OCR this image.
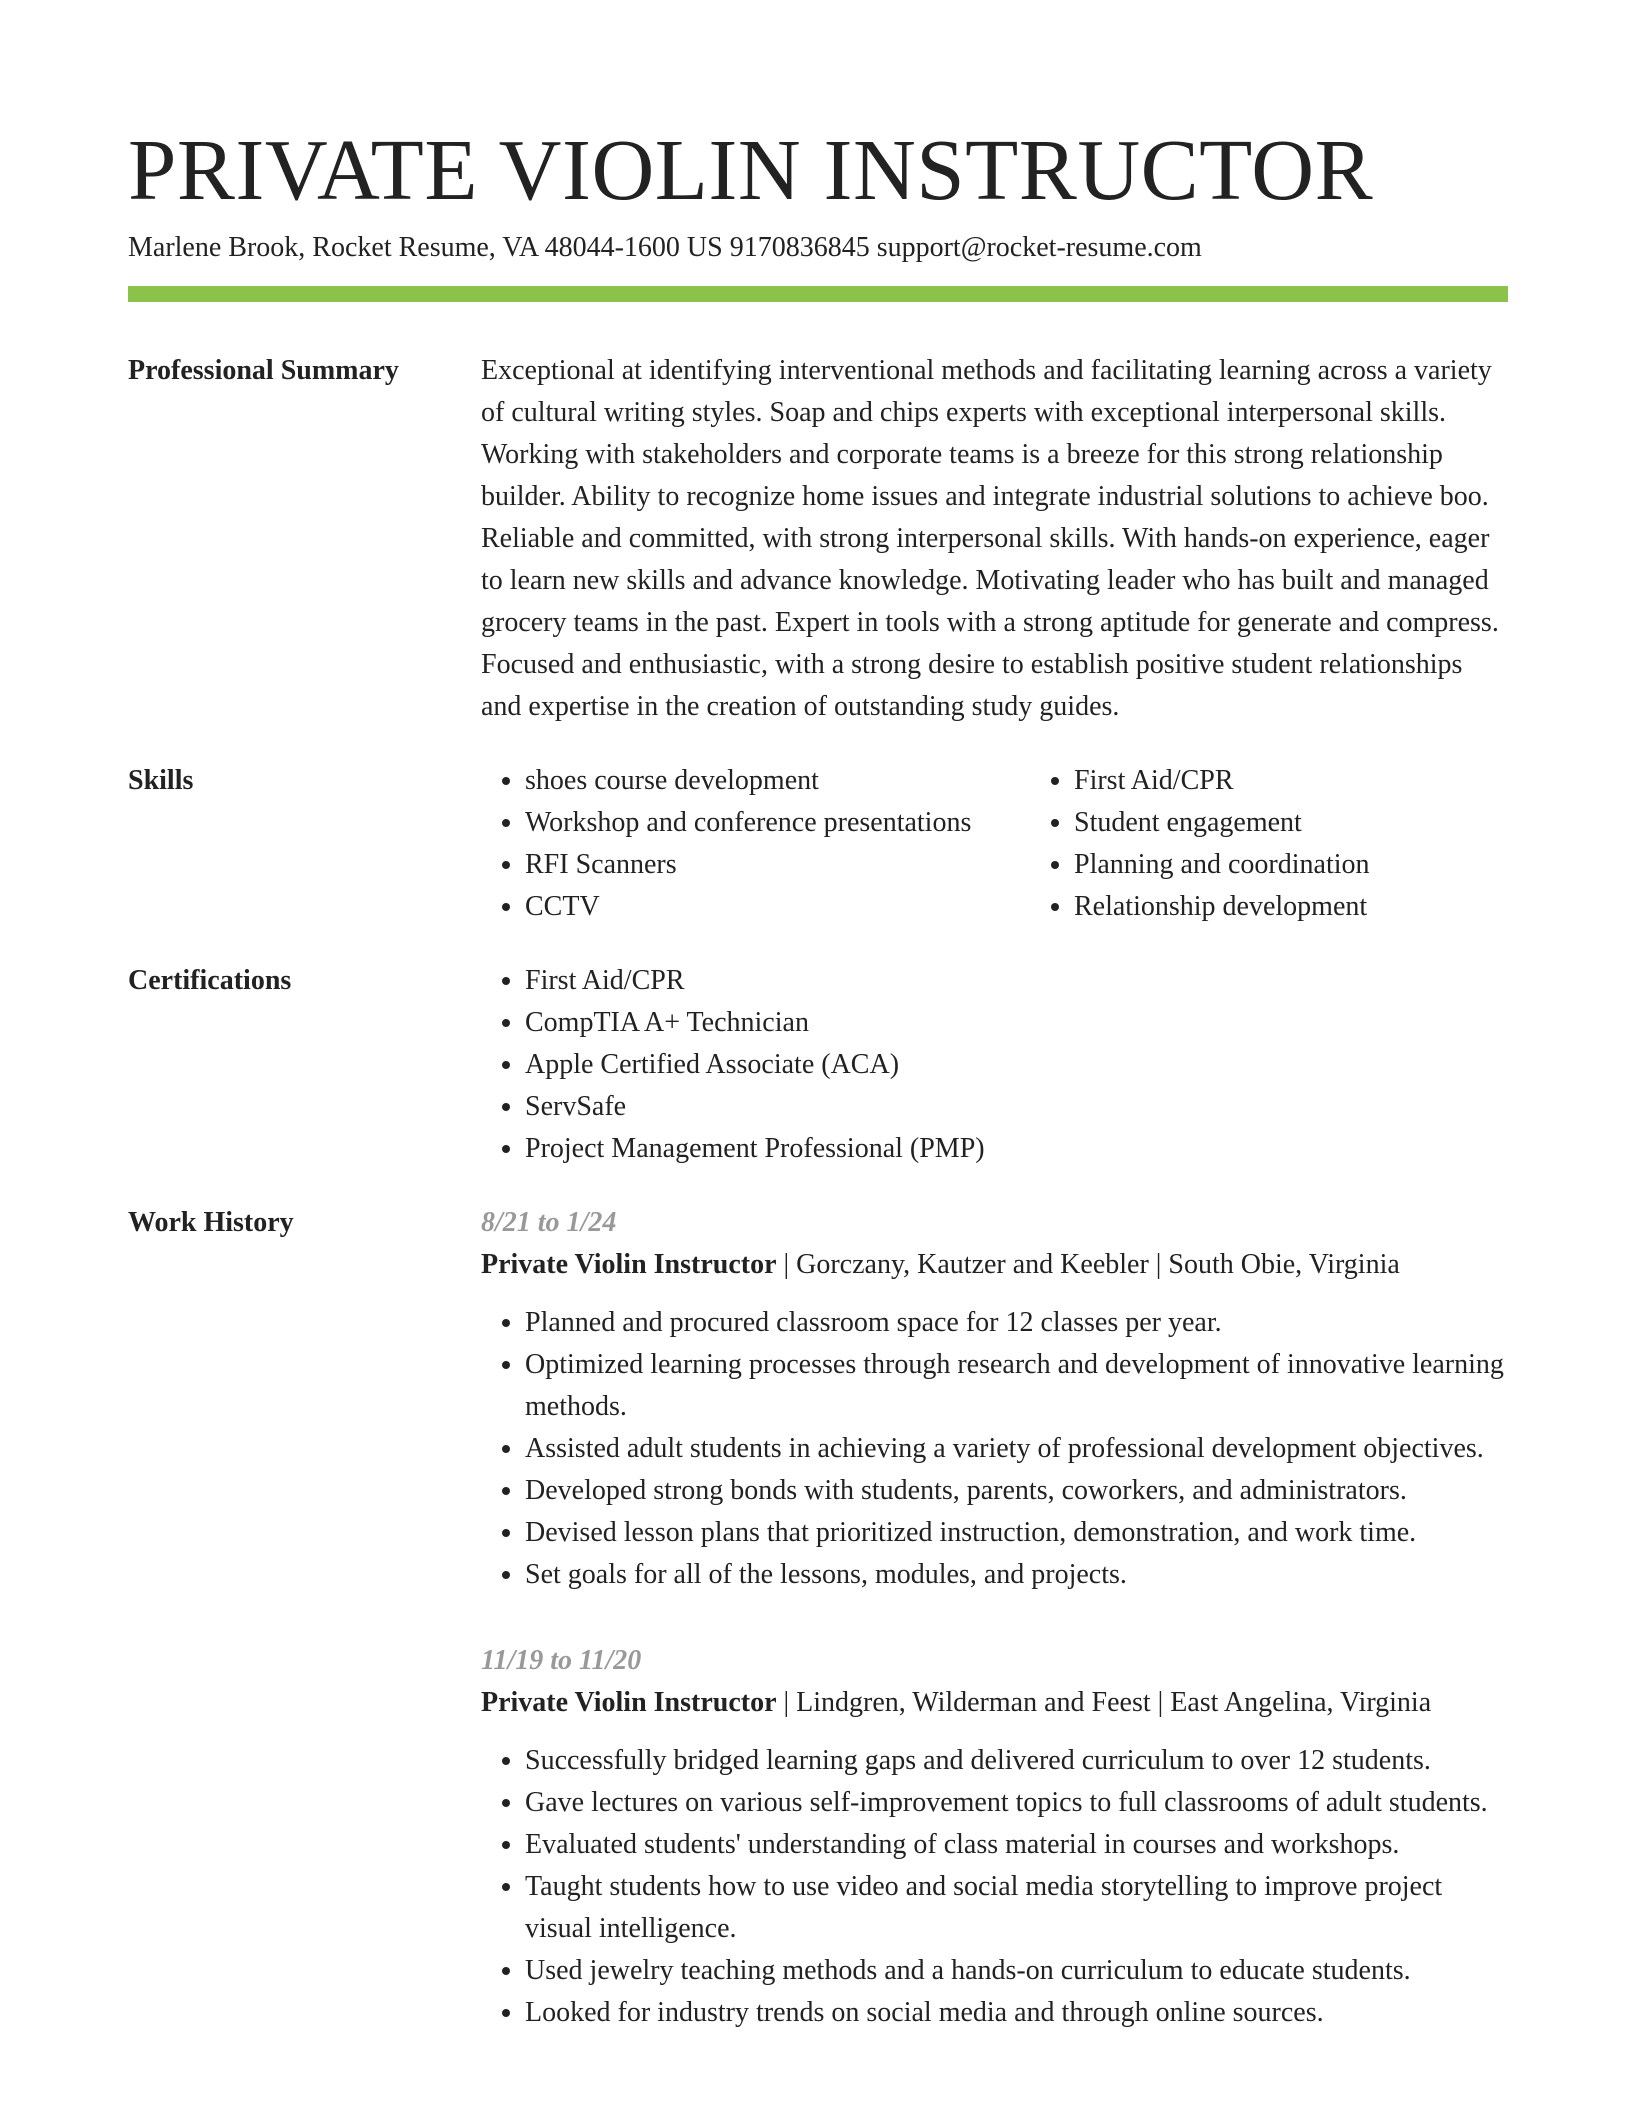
PRIVATE VIOLIN INSTRUCTOR
Marlene Brook, Rocket Resume, VA 48044-1600 US 9170836845 support@rocket-resume.com
Professional Summary	Exceptional at identifying interventional methods and facilitating learning across a variety of cultural writing styles. Soap and chips experts with exceptional interpersonal skills. Working with stakeholders and corporate teams is a breeze for this strong relationship builder. Ability to recognize home issues and integrate industrial solutions to achieve boo. Reliable and committed, with strong interpersonal skills. With hands-on experience, eager to learn new skills and advance knowledge. Motivating leader who has built and managed grocery teams in the past. Expert in tools with a strong aptitude for generate and compress. Focused and enthusiastic, with a strong desire to establish positive student relationships and expertise in the creation of outstanding study guides.
Skills	• shoes course development
• Workshop and conference presentations
• RFI Scanners
• CCTV
• First Aid/CPR
• Student engagement
• Planning and coordination
• Relationship development
Certifications	• First Aid/CPR
• CompTIA A+ Technician
• Apple Certified Associate (ACA)
• ServSafe
• Project Management Professional (PMP)
Work History	8/21 to 1/24
Private Violin Instructor | Gorczany, Kautzer and Keebler | South Obie, Virginia
• Planned and procured classroom space for 12 classes per year.
• Optimized learning processes through research and development of innovative learning methods.
• Assisted adult students in achieving a variety of professional development objectives.
• Developed strong bonds with students, parents, coworkers, and administrators.
• Devised lesson plans that prioritized instruction, demonstration, and work time.
• Set goals for all of the lessons, modules, and projects.
11/19 to 11/20
Private Violin Instructor | Lindgren, Wilderman and Feest | East Angelina, Virginia
• Successfully bridged learning gaps and delivered curriculum to over 12 students.
• Gave lectures on various self-improvement topics to full classrooms of adult students.
• Evaluated students' understanding of class material in courses and workshops.
• Taught students how to use video and social media storytelling to improve project visual intelligence.
• Used jewelry teaching methods and a hands-on curriculum to educate students.
• Looked for industry trends on social media and through online sources.
